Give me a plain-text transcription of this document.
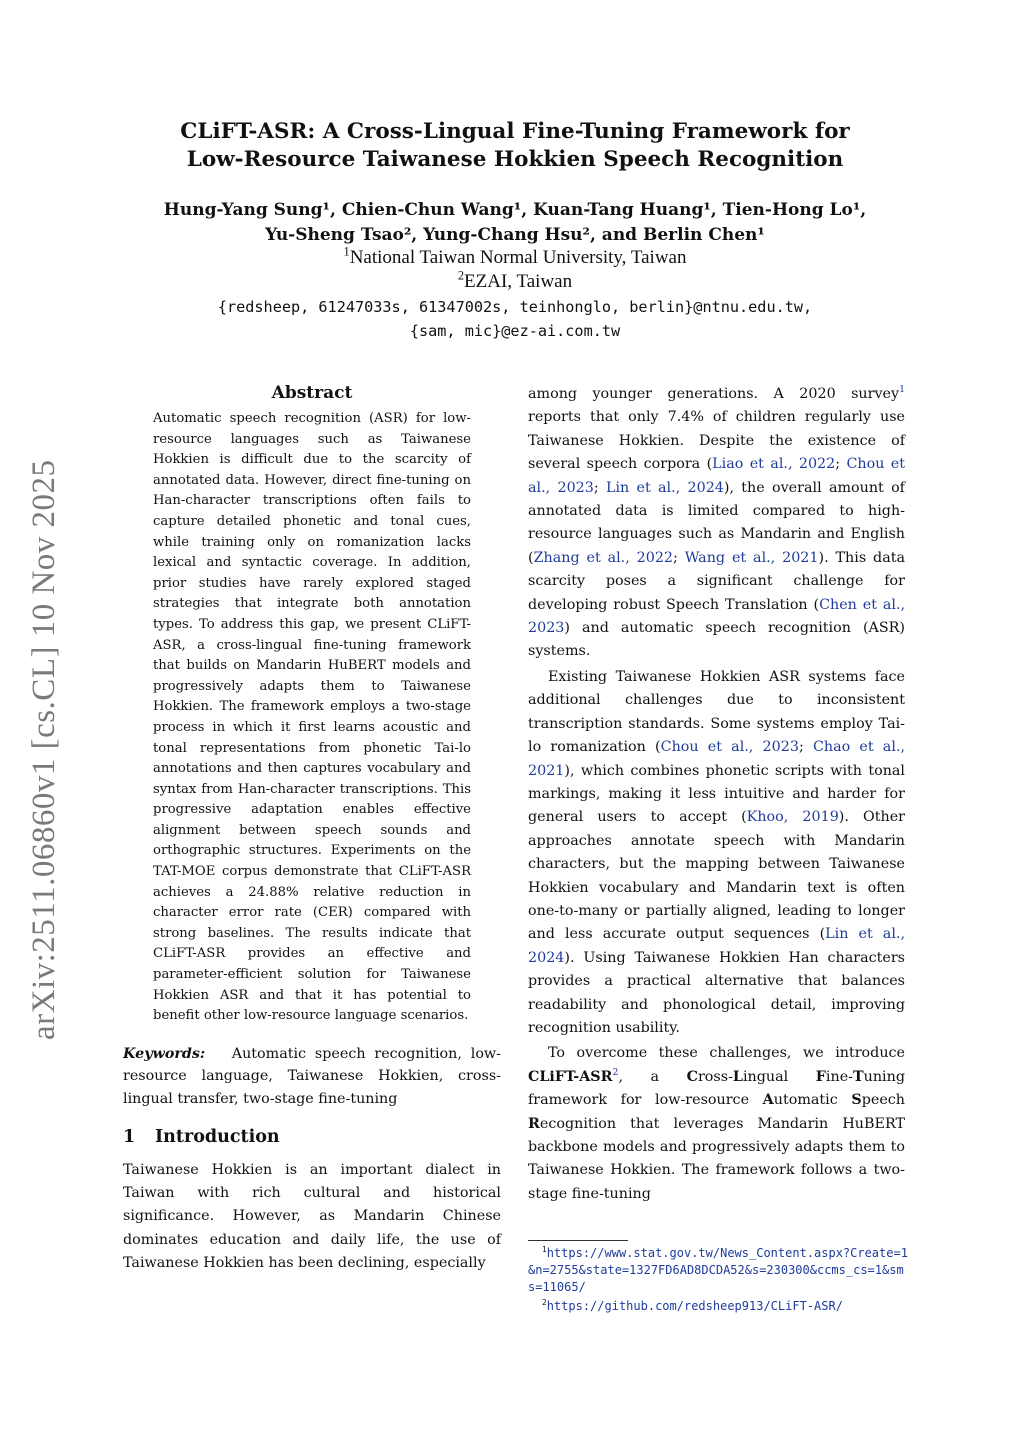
arXiv:2511.06860v1 [cs.CL] 10 Nov 2025
CLiFT-ASR: A Cross-Lingual Fine-Tuning Framework for
Low-Resource Taiwanese Hokkien Speech Recognition
Hung-Yang Sung¹, Chien-Chun Wang¹, Kuan-Tang Huang¹, Tien-Hong Lo¹,
Yu-Sheng Tsao², Yung-Chang Hsu², and Berlin Chen¹
$^1$National Taiwan Normal University, Taiwan
$^2$EZAI, Taiwan
{redsheep, 61247033s, 61347002s, teinhonglo, berlin}@ntnu.edu.tw,
{sam, mic}@ez-ai.com.tw
Abstract
Automatic speech recognition (ASR) for low-resource languages such as Taiwanese Hokkien is difficult due to the scarcity of annotated data. However, direct fine-tuning on Han-character transcriptions often fails to capture detailed phonetic and tonal cues, while training only on romanization lacks lexical and syntactic coverage. In addition, prior studies have rarely explored staged strategies that integrate both annotation types. To address this gap, we present CLiFT-ASR, a cross-lingual fine-tuning framework that builds on Mandarin HuBERT models and progressively adapts them to Taiwanese Hokkien. The framework employs a two-stage process in which it first learns acoustic and tonal representations from phonetic Tai-lo annotations and then captures vocabulary and syntax from Han-character transcriptions. This progressive adaptation enables effective alignment between speech sounds and orthographic structures. Experiments on the TAT-MOE corpus demonstrate that CLiFT-ASR achieves a 24.88% relative reduction in character error rate (CER) compared with strong baselines. The results indicate that CLiFT-ASR provides an effective and parameter-efficient solution for Taiwanese Hokkien ASR and that it has potential to benefit other low-resource language scenarios.
Keywords: Automatic speech recognition, low-resource language, Taiwanese Hokkien, cross-lingual transfer, two-stage fine-tuning
1 Introduction
Taiwanese Hokkien is an important dialect in Taiwan with rich cultural and historical significance. However, as Mandarin Chinese dominates education and daily life, the use of Taiwanese Hokkien has been declining, especially

among younger generations. A 2020 survey$^1$ reports that only 7.4% of children regularly use Taiwanese Hokkien. Despite the existence of several speech corpora (Liao et al., 2022; Chou et al., 2023; Lin et al., 2024), the overall amount of annotated data is limited compared to high-resource languages such as Mandarin and English (Zhang et al., 2022; Wang et al., 2021). This data scarcity poses a significant challenge for developing robust Speech Translation (Chen et al., 2023) and automatic speech recognition (ASR) systems.

Existing Taiwanese Hokkien ASR systems face additional challenges due to inconsistent transcription standards. Some systems employ Tai-lo romanization (Chou et al., 2023; Chao et al., 2021), which combines phonetic scripts with tonal markings, making it less intuitive and harder for general users to accept (Khoo, 2019). Other approaches annotate speech with Mandarin characters, but the mapping between Taiwanese Hokkien vocabulary and Mandarin text is often one-to-many or partially aligned, leading to longer and less accurate output sequences (Lin et al., 2024). Using Taiwanese Hokkien Han characters provides a practical alternative that balances readability and phonological detail, improving recognition usability.

To overcome these challenges, we introduce CLiFT-ASR$^2$, a Cross-Lingual Fine-Tuning framework for low-resource Automatic Speech Recognition that leverages Mandarin HuBERT backbone models and progressively adapts them to Taiwanese Hokkien. The framework follows a two-stage fine-tuning

$^1$https://www.stat.gov.tw/News_Content.aspx?Create=1&n=2755&state=1327FD6AD8DCDA52&s=230300&ccms_cs=1&sms=11065/

$^2$https://github.com/redsheep913/CLiFT-ASR/
